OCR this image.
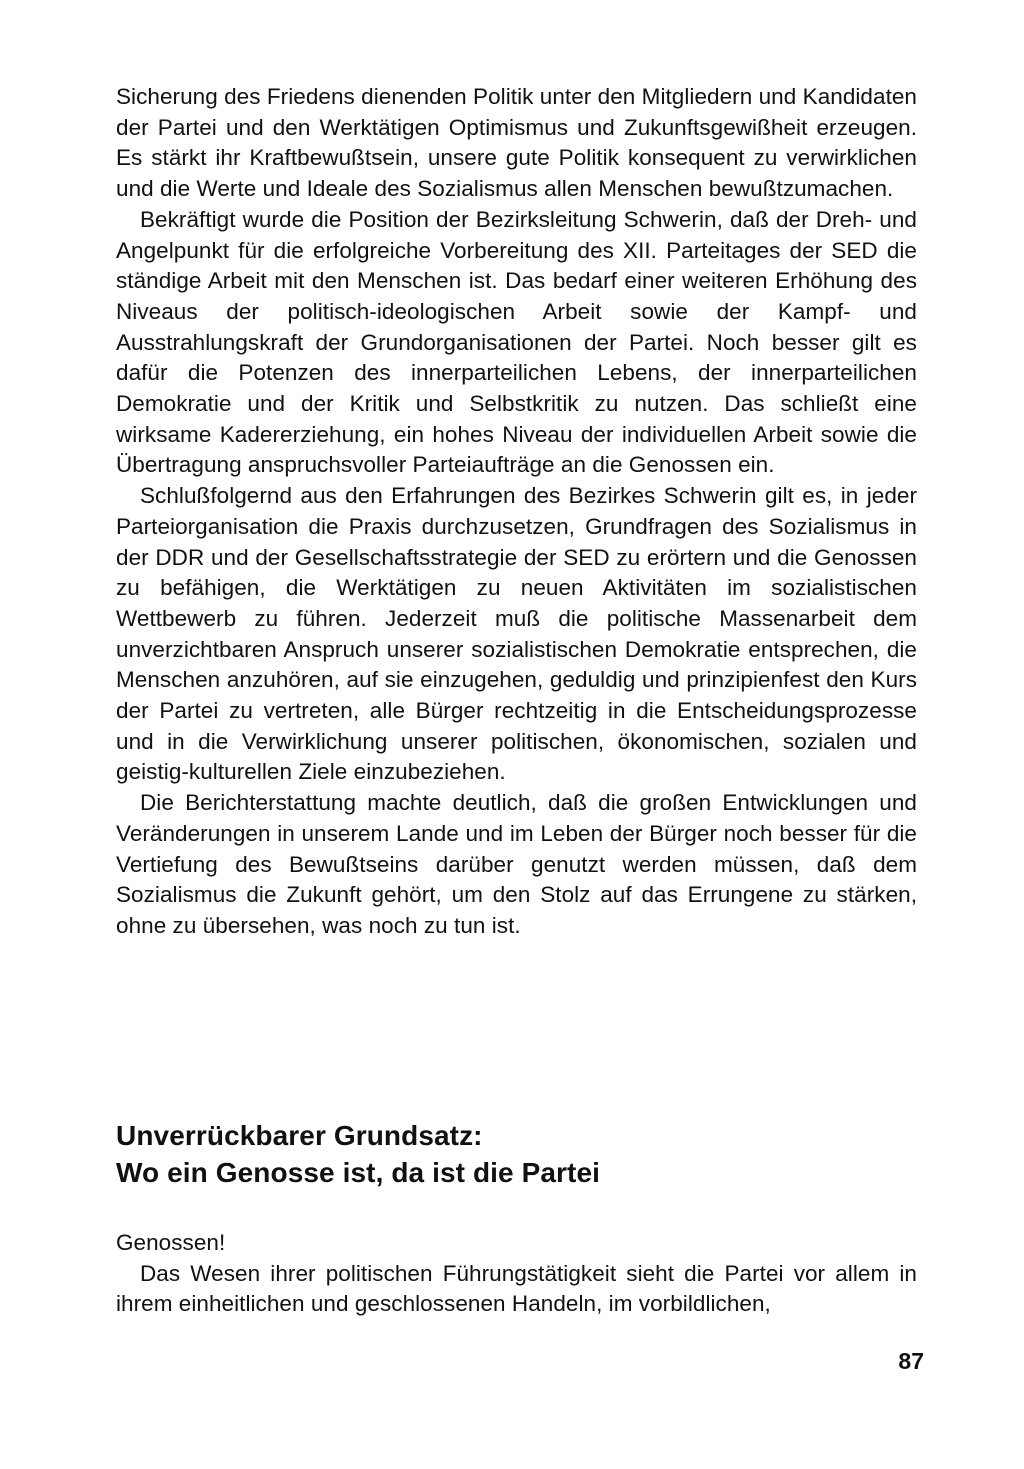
Sicherung des Friedens dienenden Politik unter den Mitgliedern und Kandidaten der Partei und den Werktätigen Optimismus und Zukunftsgewißheit erzeugen. Es stärkt ihr Kraftbewußtsein, unsere gute Politik konsequent zu verwirklichen und die Werte und Ideale des Sozialismus allen Menschen bewußtzumachen.

Bekräftigt wurde die Position der Bezirksleitung Schwerin, daß der Dreh- und Angelpunkt für die erfolgreiche Vorbereitung des XII. Parteitages der SED die ständige Arbeit mit den Menschen ist. Das bedarf einer weiteren Erhöhung des Niveaus der politisch-ideologischen Arbeit sowie der Kampf- und Ausstrahlungskraft der Grundorganisationen der Partei. Noch besser gilt es dafür die Potenzen des innerparteilichen Lebens, der innerparteilichen Demokratie und der Kritik und Selbstkritik zu nutzen. Das schließt eine wirksame Kadererziehung, ein hohes Niveau der individuellen Arbeit sowie die Übertragung anspruchsvoller Parteiaufträge an die Genossen ein.

Schlußfolgernd aus den Erfahrungen des Bezirkes Schwerin gilt es, in jeder Parteiorganisation die Praxis durchzusetzen, Grundfragen des Sozialismus in der DDR und der Gesellschaftsstrategie der SED zu erörtern und die Genossen zu befähigen, die Werktätigen zu neuen Aktivitäten im sozialistischen Wettbewerb zu führen. Jederzeit muß die politische Massenarbeit dem unverzichtbaren Anspruch unserer sozialistischen Demokratie entsprechen, die Menschen anzuhören, auf sie einzugehen, geduldig und prinzipienfest den Kurs der Partei zu vertreten, alle Bürger rechtzeitig in die Entscheidungsprozesse und in die Verwirklichung unserer politischen, ökonomischen, sozialen und geistig-kulturellen Ziele einzubeziehen.

Die Berichterstattung machte deutlich, daß die großen Entwicklungen und Veränderungen in unserem Lande und im Leben der Bürger noch besser für die Vertiefung des Bewußtseins darüber genutzt werden müssen, daß dem Sozialismus die Zukunft gehört, um den Stolz auf das Errungene zu stärken, ohne zu übersehen, was noch zu tun ist.

Unverrückbarer Grundsatz:
Wo ein Genosse ist, da ist die Partei

Genossen!

Das Wesen ihrer politischen Führungstätigkeit sieht die Partei vor allem in ihrem einheitlichen und geschlossenen Handeln, im vorbildlichen,

87
